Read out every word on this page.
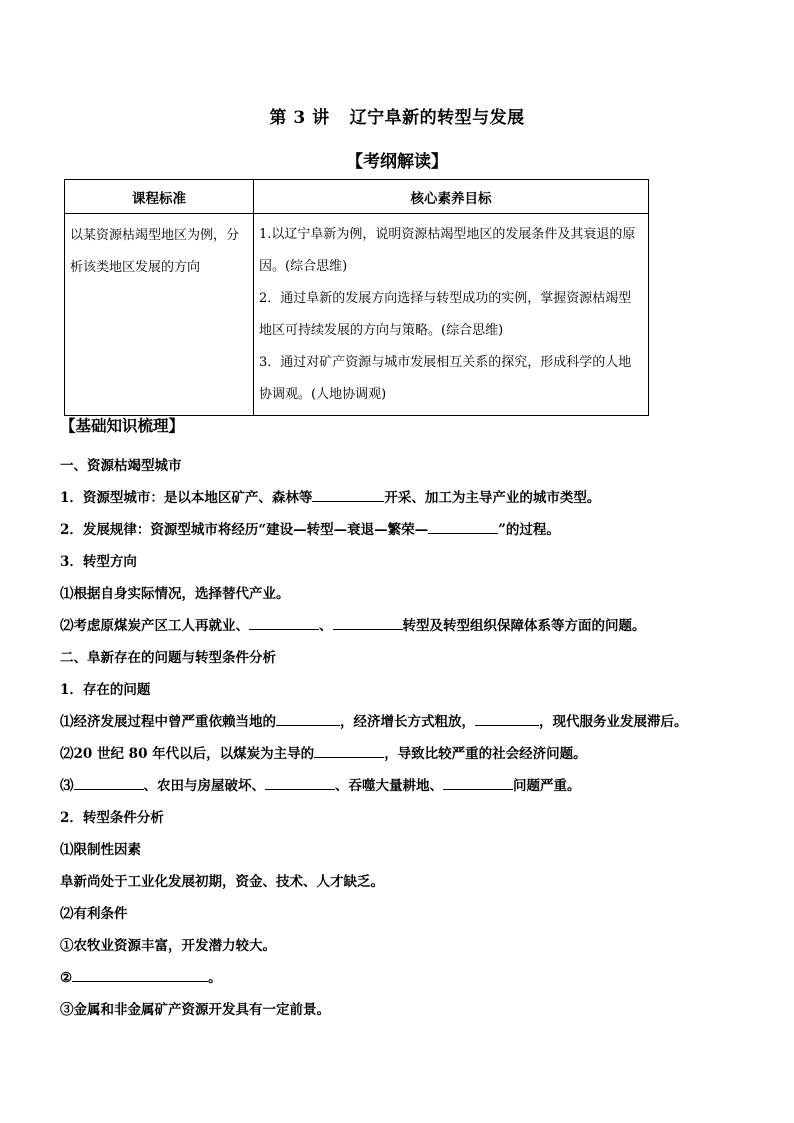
第 3 讲 辽宁阜新的转型与发展
【考纲解读】
课程标准	核心素养目标
以某资源枯竭型地区为例，分析该类地区发展的方向	1.以辽宁阜新为例，说明资源枯竭型地区的发展条件及其衰退的原因。(综合思维)
2．通过阜新的发展方向选择与转型成功的实例，掌握资源枯竭型地区可持续发展的方向与策略。(综合思维)
3．通过对矿产资源与城市发展相互关系的探究，形成科学的人地协调观。(人地协调观)
【基础知识梳理】
一、资源枯竭型城市
1．资源型城市：是以本地区矿产、森林等	开采、加工为主导产业的城市类型。
2．发展规律：资源型城市将经历“建设—转型—衰退—繁荣—	”的过程。
3．转型方向
⑴根据自身实际情况，选择替代产业。
⑵考虑原煤炭产区工人再就业、	、	转型及转型组织保障体系等方面的问题。
二、阜新存在的问题与转型条件分析
1．存在的问题
⑴经济发展过程中曾严重依赖当地的	，经济增长方式粗放，	，现代服务业发展滞后。
⑵20 世纪 80 年代以后，以煤炭为主导的	，导致比较严重的社会经济问题。
⑶	、农田与房屋破坏、	、吞噬大量耕地、	问题严重。
2．转型条件分析
⑴限制性因素
阜新尚处于工业化发展初期，资金、技术、人才缺乏。
⑵有利条件
①农牧业资源丰富，开发潜力较大。
②	。
③金属和非金属矿产资源开发具有一定前景。
